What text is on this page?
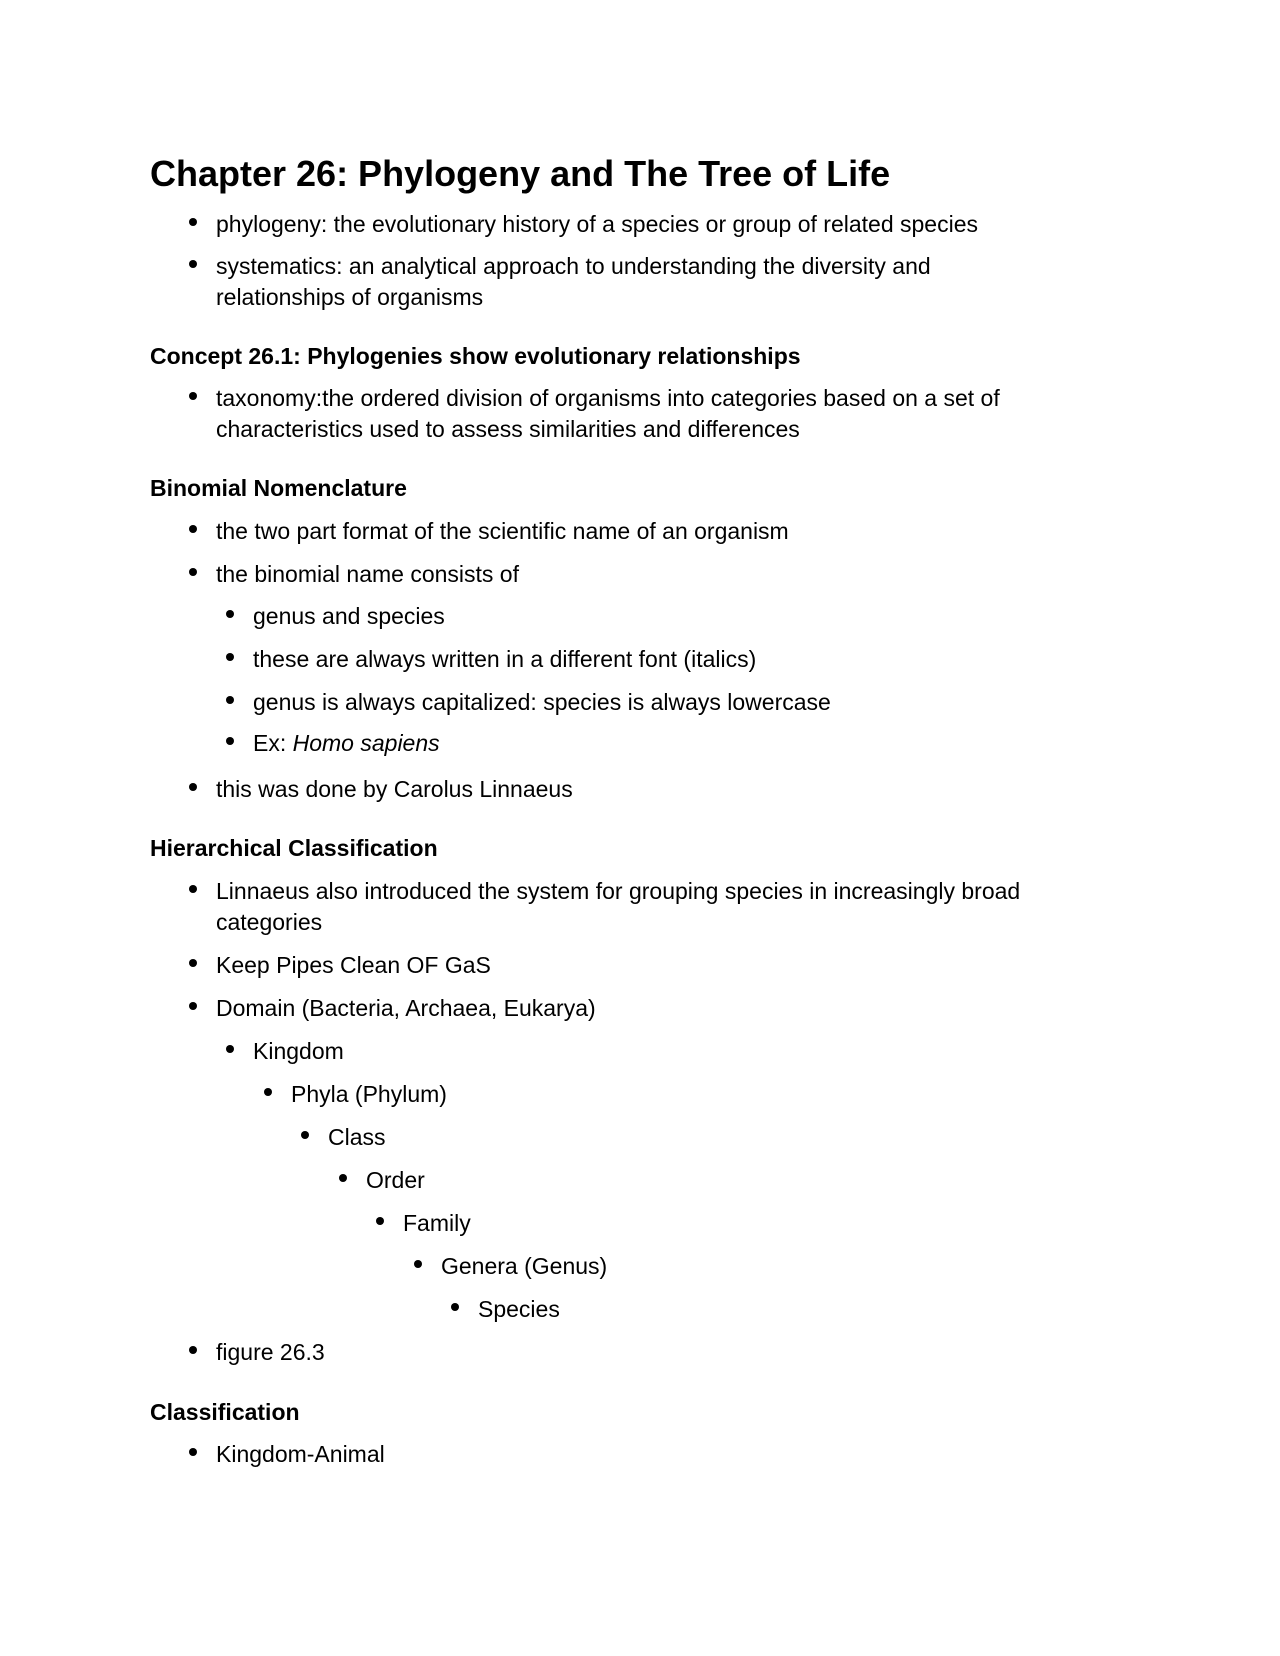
Chapter 26: Phylogeny and The Tree of Life
phylogeny: the evolutionary history of a species or group of related species
systematics: an analytical approach to understanding the diversity and relationships of organisms
Concept 26.1: Phylogenies show evolutionary relationships
taxonomy:the ordered division of organisms into categories based on a set of characteristics used to assess similarities and differences
Binomial Nomenclature
the two part format of the scientific name of an organism
the binomial name consists of
genus and species
these are always written in a different font (italics)
genus is always capitalized: species is always lowercase
Ex: Homo sapiens
this was done by Carolus Linnaeus
Hierarchical Classification
Linnaeus also introduced the system for grouping species in increasingly broad categories
Keep Pipes Clean OF GaS
Domain (Bacteria, Archaea, Eukarya)
Kingdom
Phyla (Phylum)
Class
Order
Family
Genera (Genus)
Species
figure 26.3
Classification
Kingdom-Animal
